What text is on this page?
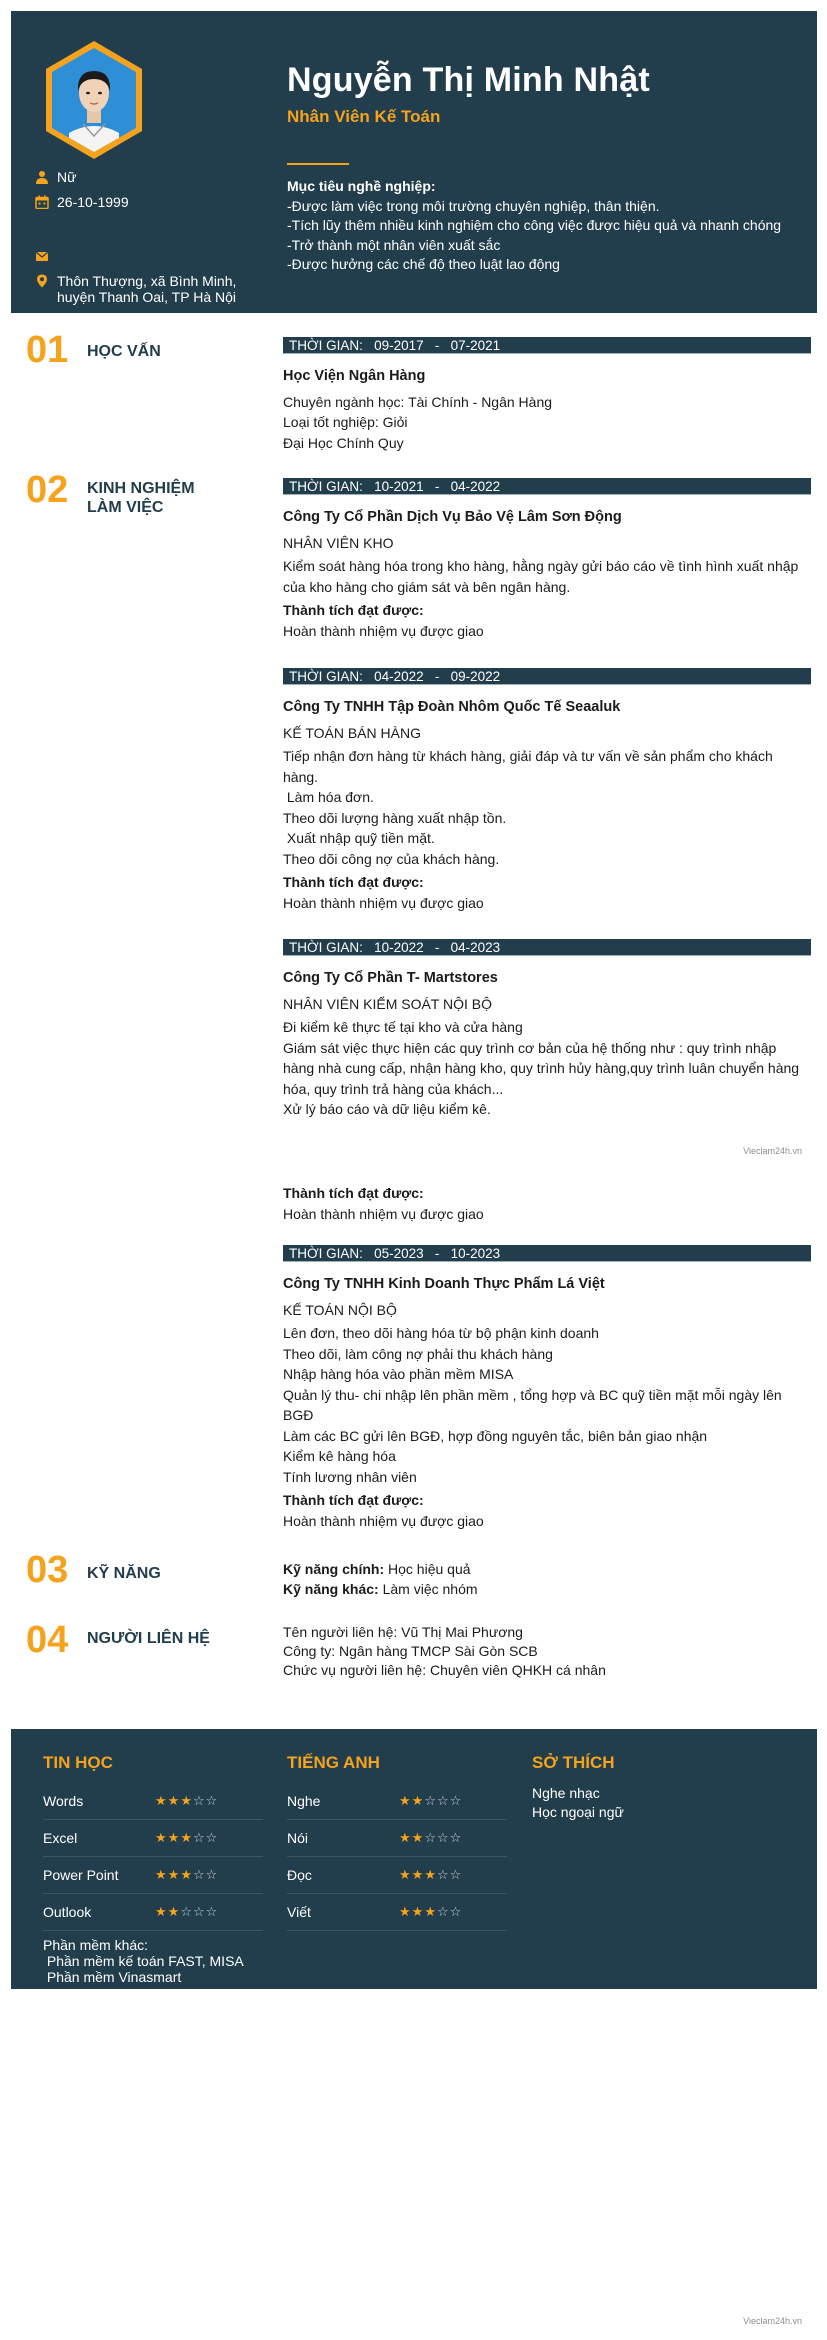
Nữ
26-10-1999
Thôn Thượng, xã Bình Minh,
huyện Thanh Oai, TP Hà Nội
Nguyễn Thị Minh Nhật
Nhân Viên Kế Toán
Mục tiêu nghề nghiệp:
-Được làm việc trong môi trường chuyên nghiệp, thân thiện.
-Tích lũy thêm nhiều kinh nghiệm cho công việc được hiệu quả và nhanh chóng
-Trở thành một nhân viên xuất sắc
-Được hưởng các chế độ theo luật lao động
01 HỌC VẤN	THỜI GIAN:   09-2017   -   07-2021
Học Viện Ngân Hàng
Chuyên ngành học: Tài Chính - Ngân Hàng
Loại tốt nghiệp: Giỏi
Đại Học Chính Quy
02 KINH NGHIỆM LÀM VIỆC
THỜI GIAN:   10-2021   -   04-2022
Công Ty Cổ Phần Dịch Vụ Bảo Vệ Lâm Sơn Động
NHÂN VIÊN KHO

Kiểm soát hàng hóa trong kho hàng, hằng ngày gửi báo cáo về tình hình xuất nhập của kho hàng cho giám sát và bên ngân hàng.

Thành tích đạt được:
Hoàn thành nhiệm vụ được giao
THỜI GIAN:   04-2022   -   09-2022
Công Ty TNHH Tập Đoàn Nhôm Quốc Tế Seaaluk
KẾ TOÁN BÁN HÀNG

Tiếp nhận đơn hàng từ khách hàng, giải đáp và tư vấn về sản phẩm cho khách hàng.
Làm hóa đơn.
Theo dõi lượng hàng xuất nhập tồn.
Xuất nhập quỹ tiền mặt.
Theo dõi công nợ của khách hàng.

Thành tích đạt được:
Hoàn thành nhiệm vụ được giao
THỜI GIAN:   10-2022   -   04-2023
Công Ty Cổ Phần T- Martstores
NHÂN VIÊN KIỂM SOÁT NỘI BỘ

Đi kiểm kê thực tế tại kho và cửa hàng
Giám sát việc thực hiện các quy trình cơ bản của hệ thống như : quy trình nhập hàng nhà cung cấp, nhận hàng kho, quy trình hủy hàng,quy trình luân chuyển hàng hóa, quy trình trả hàng của khách...
Xử lý báo cáo và dữ liệu kiểm kê.

Vieclam24h.vn
Thành tích đạt được:
Hoàn thành nhiệm vụ được giao
THỜI GIAN:   05-2023   -   10-2023
Công Ty TNHH Kinh Doanh Thực Phẩm Lá Việt
KẾ TOÁN NỘI BỘ

Lên đơn, theo dõi hàng hóa từ bộ phận kinh doanh
Theo dõi, làm công nợ phải thu khách hàng
Nhập hàng hóa vào phần mềm MISA
Quản lý thu- chi nhập lên phần mềm , tổng hợp và BC quỹ tiền mặt mỗi ngày lên BGĐ
Làm các BC gửi lên BGĐ, hợp đồng nguyên tắc, biên bản giao nhận
Kiểm kê hàng hóa
Tính lương nhân viên

Thành tích đạt được:
Hoàn thành nhiệm vụ được giao
03 KỸ NĂNG	Kỹ năng chính: Học hiệu quả
Kỹ năng khác: Làm việc nhóm
04 NGƯỜI LIÊN HỆ	Tên người liên hệ: Vũ Thị Mai Phương
Công ty: Ngân hàng TMCP Sài Gòn SCB
Chức vụ người liên hệ: Chuyên viên QHKH cá nhân
TIN HỌC
Phần mềm khác:
Phần mềm kế toán FAST, MISA
Phần mềm Vinasmart
TIẾNG ANH	SỞ THÍCH
Nghe nhạc
Học ngoại ngữ
Words	★★★☆☆
Excel	★★★☆☆
Power Point	★★★☆☆
Outlook	★★☆☆☆
Nghe	★★☆☆☆
Nói	★★☆☆☆
Đọc	★★★☆☆
Viết	★★★☆☆
Vieclam24h.vn
